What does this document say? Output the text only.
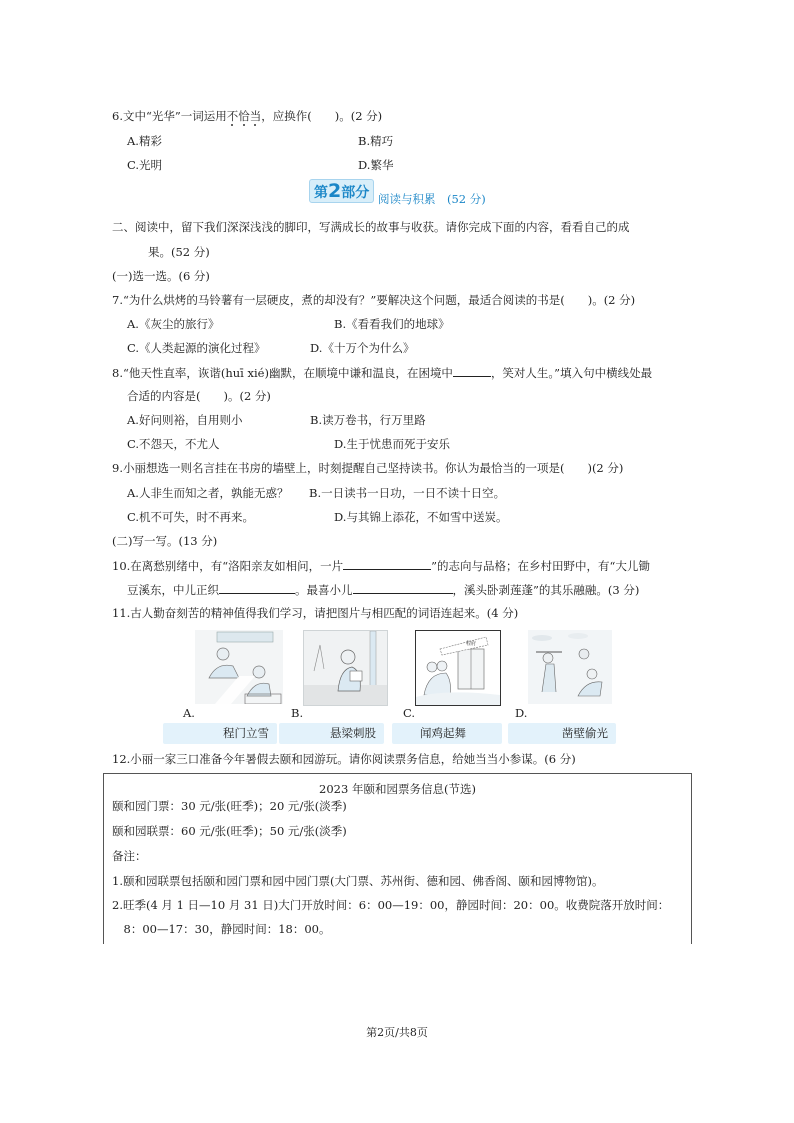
6.文中“光华”一词运用不恰当，应换作(　　)。(2 分)
A.精彩	B.精巧
C.光明	D.繁华
第2部分 阅读与积累　(52 分)
二、阅读中，留下我们深深浅浅的脚印，写满成长的故事与收获。请你完成下面的内容，看看自己的成
果。(52 分)
(一)选一选。(6 分)
7.“为什么烘烤的马铃薯有一层硬皮，煮的却没有？”要解决这个问题，最适合阅读的书是(　　)。(2 分)
A.《灰尘的旅行》	B.《看看我们的地球》
C.《人类起源的演化过程》	D.《十万个为什么》
8.“他天性直率，诙谐(huī xié)幽默，在顺境中谦和温良，在困境中	，笑对人生。”填入句中横线处最
合适的内容是(　　)。(2 分)
A.好问则裕，自用则小	B.读万卷书，行万里路
C.不怨天，不尤人	D.生于忧患而死于安乐
9.小丽想选一则名言挂在书房的墙壁上，时刻提醒自己坚持读书。你认为最恰当的一项是(　　)(2 分)
A.人非生而知之者，孰能无惑？ B.一日读书一日功，一日不读十日空。
C.机不可失，时不再来。	D.与其锦上添花，不如雪中送炭。
(二)写一写。(13 分)
10.在离愁别绪中，有“洛阳亲友如相问，一片	”的志向与品格；在乡村田野中，有“大儿锄
豆溪东，中儿正织	。最喜小儿	，溪头卧剥莲蓬”的其乐融融。(3 分)
11.古人勤奋刻苦的精神值得我们学习，请把图片与相匹配的词语连起来。(4 分)
程府
A.	B.	C.	D.
程门立雪	悬梁刺股	闻鸡起舞	凿壁偷光
12.小丽一家三口准备今年暑假去颐和园游玩。请你阅读票务信息，给她当当小参谋。(6 分)
2023 年颐和园票务信息(节选)
颐和园门票：30 元/张(旺季)；20 元/张(淡季)
颐和园联票：60 元/张(旺季)；50 元/张(淡季)
备注：
1.颐和园联票包括颐和园门票和园中园门票(大门票、苏州街、德和园、佛香阁、颐和园博物馆)。
2.旺季(4 月 1 日—10 月 31 日)大门开放时间：6：00—19：00，静园时间：20：00。收费院落开放时间：
　8：00—17：30，静园时间：18：00。
第2页/共8页
